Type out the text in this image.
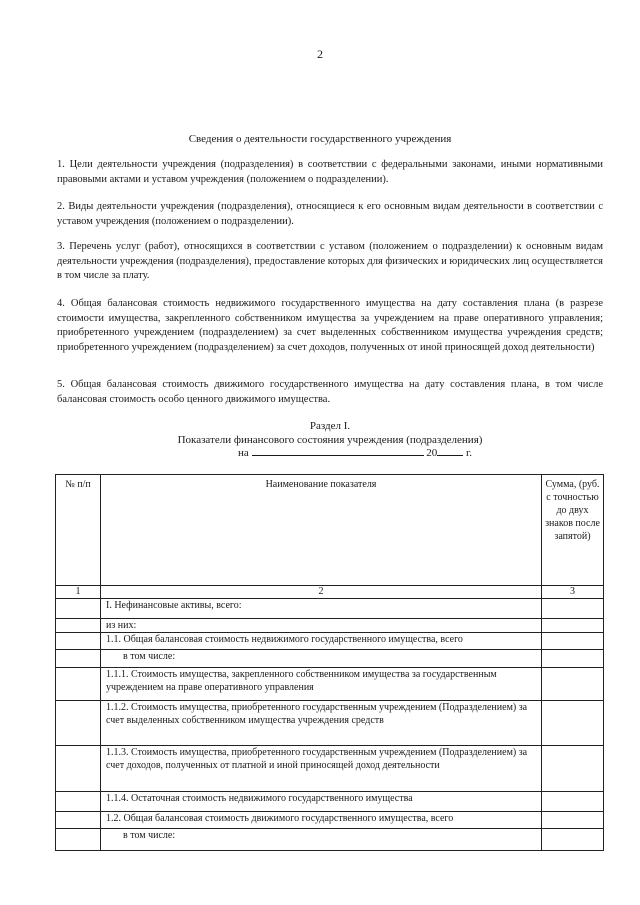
2
Сведения о деятельности государственного учреждения
1. Цели деятельности учреждения (подразделения) в соответствии с федеральными законами, иными нормативными правовыми актами и уставом учреждения (положением о подразделении).
2. Виды деятельности учреждения (подразделения), относящиеся к его основным видам деятельности в соответствии с уставом учреждения (положением о подразделении).
3. Перечень услуг (работ), относящихся в соответствии с уставом (положением о подразделении) к основным видам деятельности учреждения (подразделения), предоставление которых для физических и юридических лиц осуществляется в том числе за плату.
4. Общая балансовая стоимость недвижимого государственного имущества на дату составления плана (в разрезе стоимости имущества, закрепленного собственником имущества за учреждением на праве оперативного управления; приобретенного учреждением (подразделением) за счет выделенных собственником имущества учреждения средств; приобретенного учреждением (подразделением) за счет доходов, полученных от иной приносящей доход деятельности)
5. Общая балансовая стоимость движимого государственного имущества на дату составления плана, в том числе балансовая стоимость особо ценного движимого имущества.
Раздел I.
Показатели финансового состояния учреждения (подразделения)
на	20	г.
№ п/п	Наименование показателя	Сумма, (руб. с точностью до двух знаков после запятой)
1	2	3
	I. Нефинансовые активы, всего:	
	из них:	
	1.1. Общая балансовая стоимость недвижимого государственного имущества, всего	
	в том числе:	
	1.1.1. Стоимость имущества, закрепленного собственником имущества за государственным учреждением на праве оперативного управления	
	1.1.2. Стоимость имущества, приобретенного государственным учреждением (Подразделением) за счет выделенных собственником имущества учреждения средств	
	1.1.3. Стоимость имущества, приобретенного государственным учреждением (Подразделением) за счет доходов, полученных от платной и иной приносящей доход деятельности	
	1.1.4. Остаточная стоимость недвижимого государственного имущества	
	1.2. Общая балансовая стоимость движимого государственного имущества, всего	
	в том числе:	
